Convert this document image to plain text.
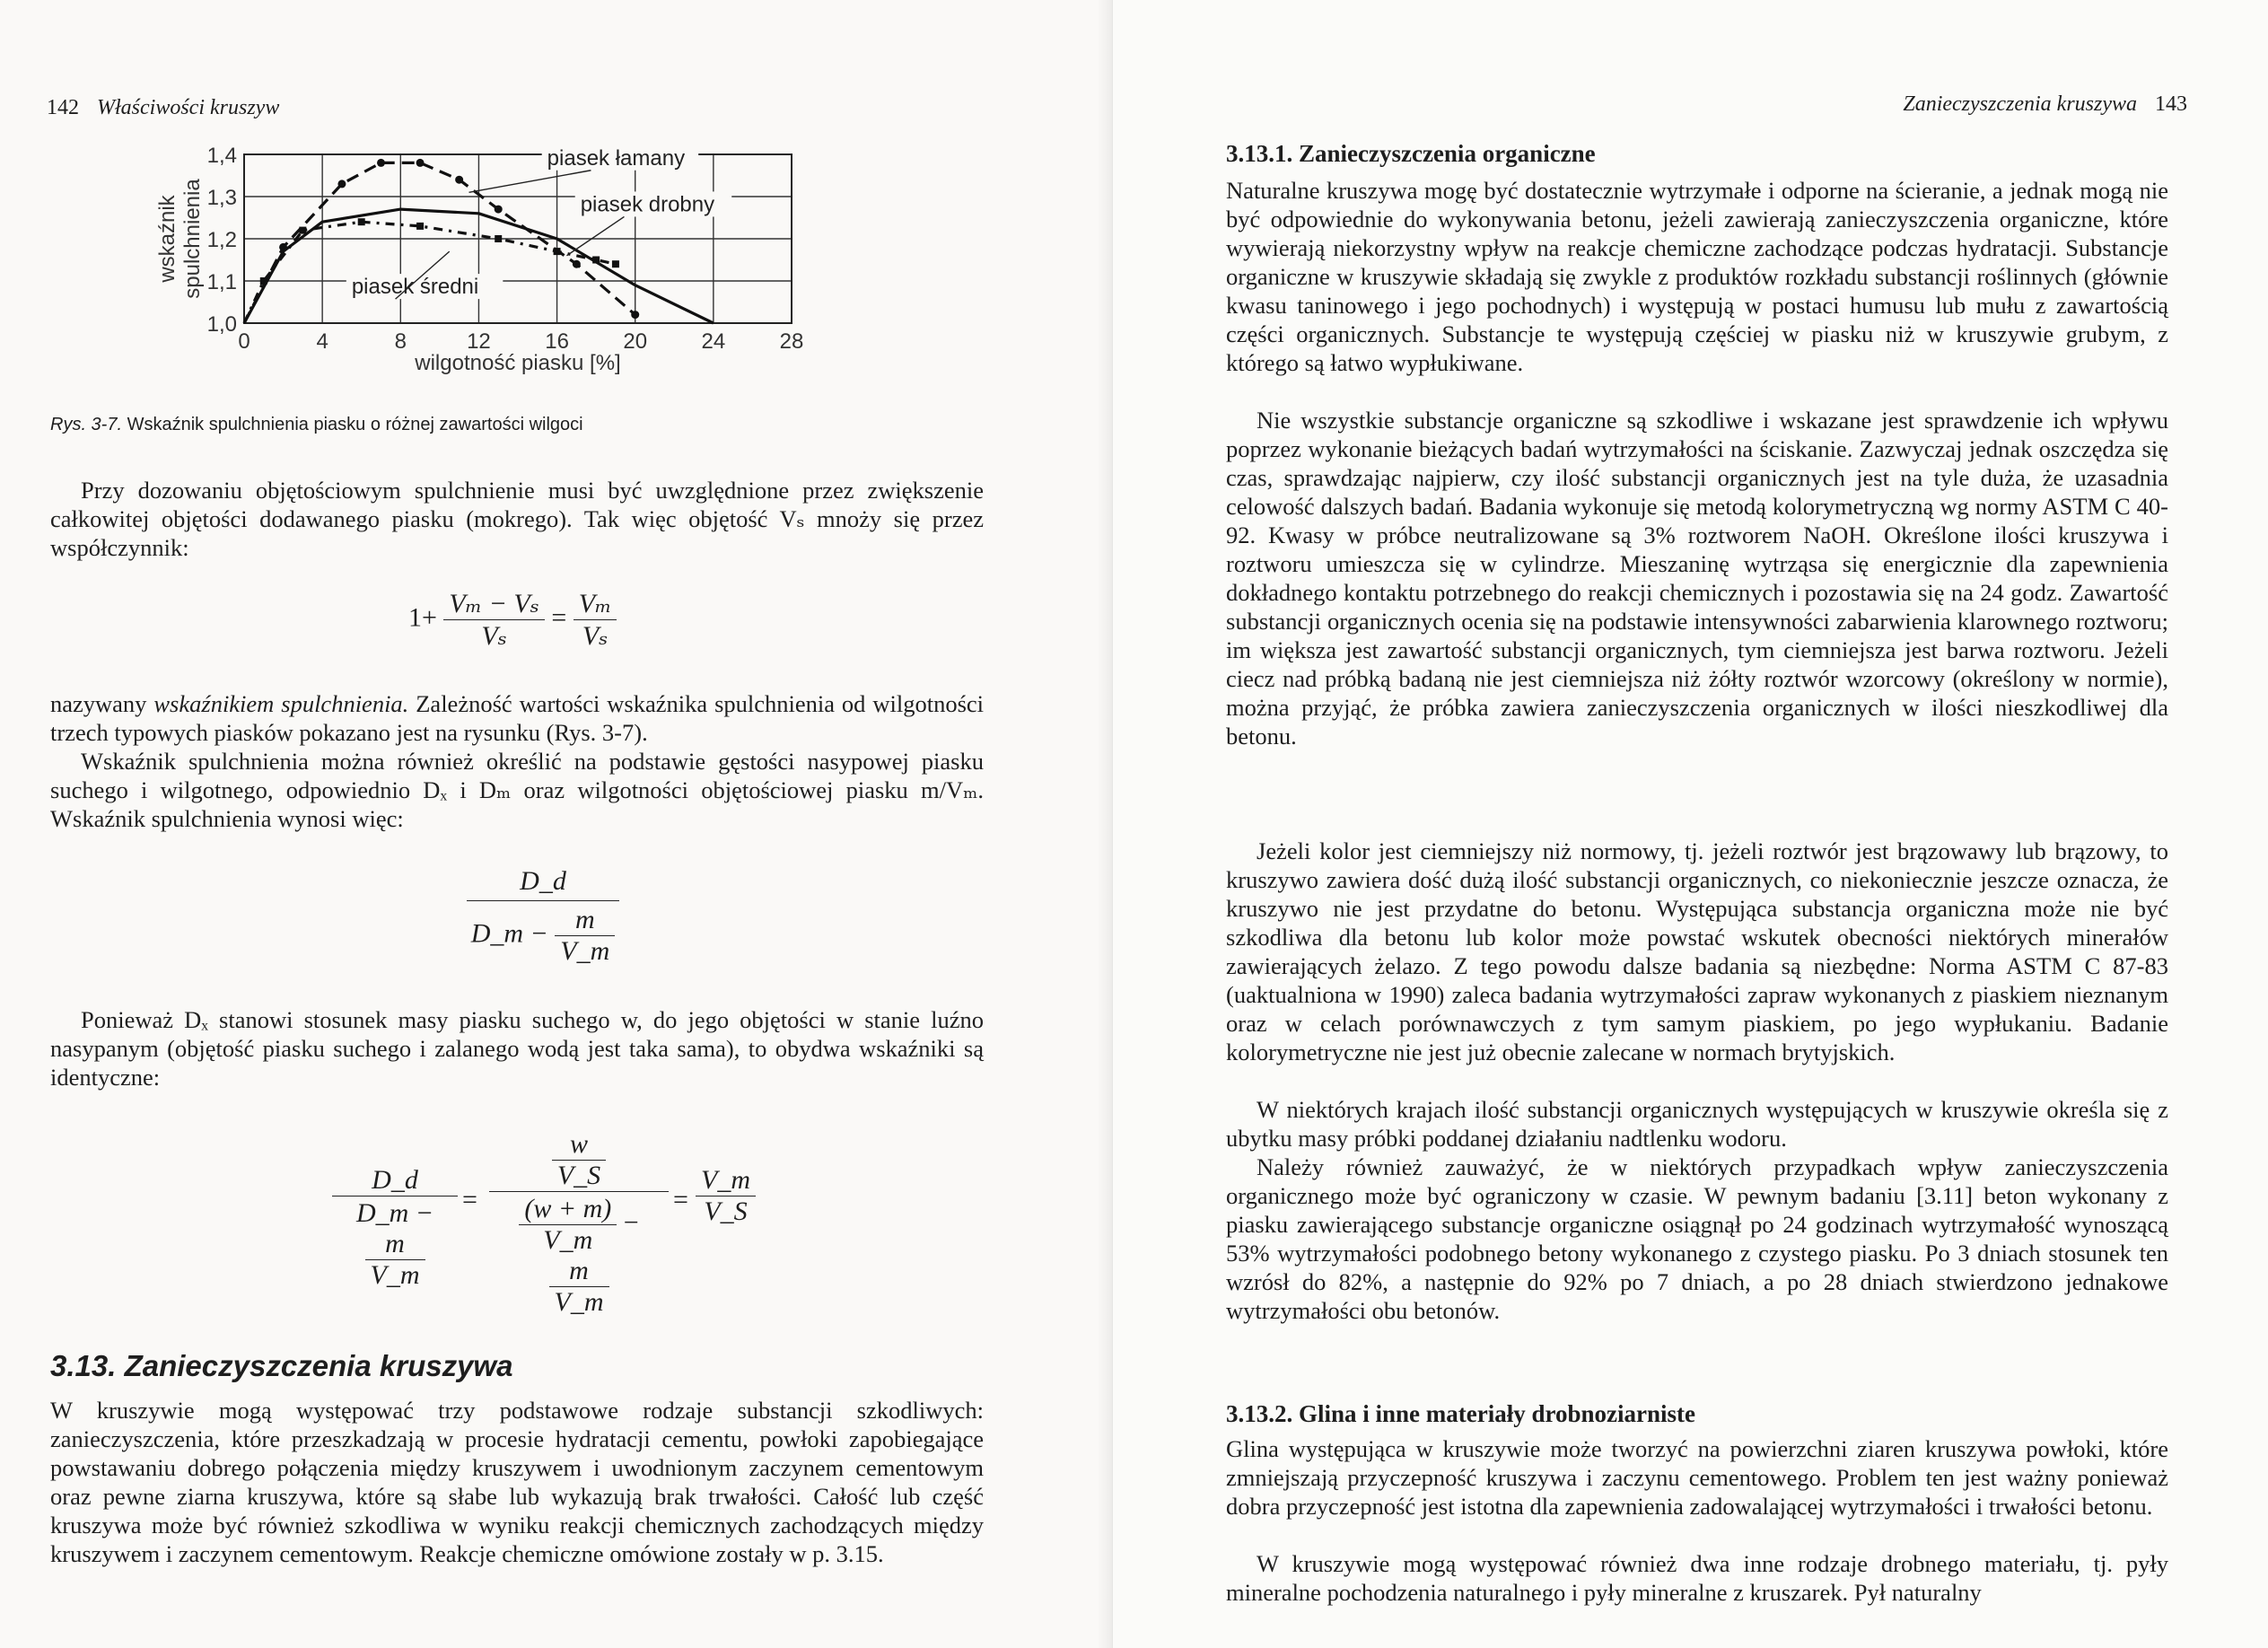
142 Właściwości kruszyw
1,0
1,1
1,2
1,3
1,4
0	4	8	12	16	20	24	28
wilgotność piasku [%]
wskaźnik spulchnienia
piasek łamany
piasek drobny
piasek średni
Rys. 3-7. Wskaźnik spulchnienia piasku o różnej zawartości wilgoci

Przy dozowaniu objętościowym spulchnienie musi być uwzględnione przez zwiększenie całkowitej objętości dodawanego piasku (mokrego). Tak więc objętość Vₛ mnoży się przez współczynnik:

$1+ \frac{\text{Vₘ − Vₛ}}{\text{Vₛ}} = \frac{\text{Vₘ}}{\text{Vₛ}}$

nazywany wskaźnikiem spulchnienia. Zależność wartości wskaźnika spulchnienia od wilgotności trzech typowych piasków pokazano jest na rysunku (Rys. 3-7).

Wskaźnik spulchnienia można również określić na podstawie gęstości nasypowej piasku suchego i wilgotnego, odpowiednio Dₓ i Dₘ oraz wilgotności objętościowej piasku m/Vₘ. Wskaźnik spulchnienia wynosi więc:

D_d
D_m − $\frac{m}{V\_m}$

Ponieważ Dₓ stanowi stosunek masy piasku suchego w, do jego objętości w stanie luźno nasypanym (objętość piasku suchego i zalanego wodą jest taka sama), to obydwa wskaźniki są identyczne:

D_d
D_m −
$\frac{m}{V\_m}$
=
$\frac{w}{V\_S}$
$\frac{(w + m)}{V\_m}$ −
$\frac{m}{V\_m}$
= $\frac{V\_m}{V\_S}$
3.13. Zanieczyszczenia kruszywa

W kruszywie mogą występować trzy podstawowe rodzaje substancji szkodliwych: zanieczyszczenia, które przeszkadzają w procesie hydratacji cementu, powłoki zapobiegające powstawaniu dobrego połączenia między kruszywem i uwodnionym zaczynem cementowym oraz pewne ziarna kruszywa, które są słabe lub wykazują brak trwałości. Całość lub część kruszywa może być również szkodliwa w wyniku reakcji chemicznych zachodzących między kruszywem i zaczynem cementowym. Reakcje chemiczne omówione zostały w p. 3.15.

Zanieczyszczenia kruszywa 143
3.13.1. Zanieczyszczenia organiczne

Naturalne kruszywa mogę być dostatecznie wytrzymałe i odporne na ścieranie, a jednak mogą nie być odpowiednie do wykonywania betonu, jeżeli zawierają zanieczyszczenia organiczne, które wywierają niekorzystny wpływ na reakcje chemiczne zachodzące podczas hydratacji. Substancje organiczne w kruszywie składają się zwykle z produktów rozkładu substancji roślinnych (głównie kwasu taninowego i jego pochodnych) i występują w postaci humusu lub mułu z zawartością części organicznych. Substancje te występują częściej w piasku niż w kruszywie grubym, z którego są łatwo wypłukiwane.

Nie wszystkie substancje organiczne są szkodliwe i wskazane jest sprawdzenie ich wpływu poprzez wykonanie bieżących badań wytrzymałości na ściskanie. Zazwyczaj jednak oszczędza się czas, sprawdzając najpierw, czy ilość substancji organicznych jest na tyle duża, że uzasadnia celowość dalszych badań. Badania wykonuje się metodą kolorymetryczną wg normy ASTM C 40-92. Kwasy w próbce neutralizowane są 3% roztworem NaOH. Określone ilości kruszywa i roztworu umieszcza się w cylindrze. Mieszaninę wytrząsa się energicznie dla zapewnienia dokładnego kontaktu potrzebnego do reakcji chemicznych i pozostawia się na 24 godz. Zawartość substancji organicznych ocenia się na podstawie intensywności zabarwienia klarownego roztworu; im większa jest zawartość substancji organicznych, tym ciemniejsza jest barwa roztworu. Jeżeli ciecz nad próbką badaną nie jest ciemniejsza niż żółty roztwór wzorcowy (określony w normie), można przyjąć, że próbka zawiera zanieczyszczenia organicznych w ilości nieszkodliwej dla betonu.

Jeżeli kolor jest ciemniejszy niż normowy, tj. jeżeli roztwór jest brązowawy lub brązowy, to kruszywo zawiera dość dużą ilość substancji organicznych, co niekoniecznie jeszcze oznacza, że kruszywo nie jest przydatne do betonu. Występująca substancja organiczna może nie być szkodliwa dla betonu lub kolor może powstać wskutek obecności niektórych minerałów zawierających żelazo. Z tego powodu dalsze badania są niezbędne: Norma ASTM C 87-83 (uaktualniona w 1990) zaleca badania wytrzymałości zapraw wykonanych z piaskiem nieznanym oraz w celach porównawczych z tym samym piaskiem, po jego wypłukaniu. Badanie kolorymetryczne nie jest już obecnie zalecane w normach brytyjskich.

W niektórych krajach ilość substancji organicznych występujących w kruszywie określa się z ubytku masy próbki poddanej działaniu nadtlenku wodoru.

Należy również zauważyć, że w niektórych przypadkach wpływ zanieczyszczenia organicznego może być ograniczony w czasie. W pewnym badaniu [3.11] beton wykonany z piasku zawierającego substancje organiczne osiągnął po 24 godzinach wytrzymałość wynoszącą 53% wytrzymałości podobnego betony wykonanego z czystego piasku. Po 3 dniach stosunek ten wzrósł do 82%, a następnie do 92% po 7 dniach, a po 28 dniach stwierdzono jednakowe wytrzymałości obu betonów.

3.13.2. Glina i inne materiały drobnoziarniste

Glina występująca w kruszywie może tworzyć na powierzchni ziaren kruszywa powłoki, które zmniejszają przyczepność kruszywa i zaczynu cementowego. Problem ten jest ważny ponieważ dobra przyczepność jest istotna dla zapewnienia zadowalającej wytrzymałości i trwałości betonu.

W kruszywie mogą występować również dwa inne rodzaje drobnego materiału, tj. pyły mineralne pochodzenia naturalnego i pyły mineralne z kruszarek. Pył naturalny
